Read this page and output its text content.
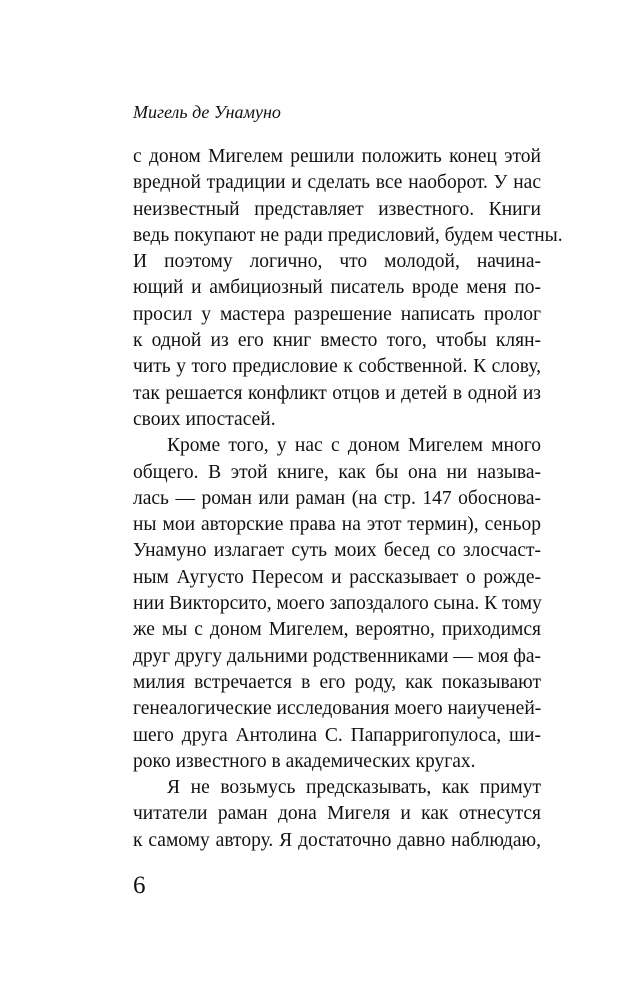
Мигель де Унамуно
с доном Мигелем решили положить конец этой
вредной традиции и сделать все наоборот. У нас
неизвестный представляет известного. Книги
ведь покупают не ради предисловий, будем честны.
И поэтому логично, что молодой, начина-
ющий и амбициозный писатель вроде меня по-
просил у мастера разрешение написать пролог
к одной из его книг вместо того, чтобы клян-
чить у того предисловие к собственной. К слову,
так решается конфликт отцов и детей в одной из
своих ипостасей.
Кроме того, у нас с доном Мигелем много
общего. В этой книге, как бы она ни называ-
лась — роман или раман (на стр. 147 обоснова-
ны мои авторские права на этот термин), сеньор
Унамуно излагает суть моих бесед со злосчаст-
ным Аугусто Пересом и рассказывает о рожде-
нии Викторсито, моего запоздалого сына. К тому
же мы с доном Мигелем, вероятно, приходимся
друг другу дальними родственниками — моя фа-
милия встречается в его роду, как показывают
генеалогические исследования моего наиученей-
шего друга Антолина С. Папарригопулоса, ши-
роко известного в академических кругах.
Я не возьмусь предсказывать, как примут
читатели раман дона Мигеля и как отнесутся
к самому автору. Я достаточно давно наблюдаю,
6
